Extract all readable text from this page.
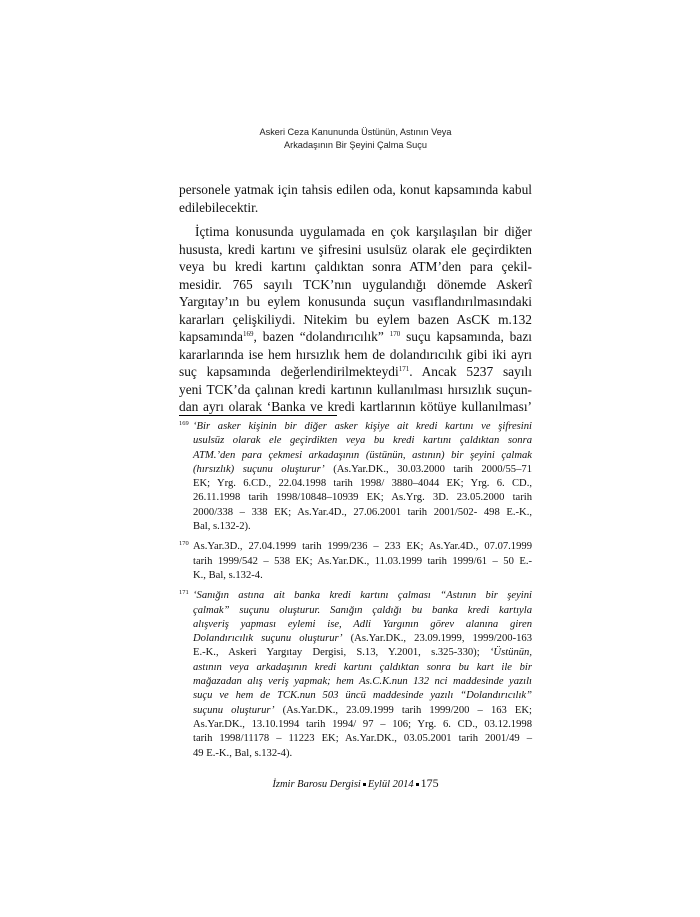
Askeri Ceza Kanununda Üstünün, Astının Veya
Arkadaşının Bir Şeyini Çalma Suçu
personele yatmak için tahsis edilen oda, konut kapsamında kabul
edilebilecektir.
İçtima konusunda uygulamada en çok karşılaşılan bir diğer
hususta, kredi kartını ve şifresini usulsüz olarak ele geçirdikten
veya bu kredi kartını çaldıktan sonra ATM’den para çekil-
mesidir. 765 sayılı TCK’nın uygulandığı dönemde Askerî
Yargıtay’ın bu eylem konusunda suçun vasıflandırılmasındaki
kararları çelişkiliydi. Nitekim bu eylem bazen AsCK m.132
kapsamında$^{169}$, bazen “dolandırıcılık” $^{170}$ suçu kapsamında, bazı
kararlarında ise hem hırsızlık hem de dolandırıcılık gibi iki ayrı
suç kapsamında değerlendirilmekteydi$^{171}$. Ancak 5237 sayılı
yeni TCK’da çalınan kredi kartının kullanılması hırsızlık suçun-
dan ayrı olarak ‘Banka ve kredi kartlarının kötüye kullanılması’
169 ‘Bir asker kişinin bir diğer asker kişiye ait kredi kartını ve şifresini
usulsüz olarak ele geçirdikten veya bu kredi kartını çaldıktan sonra
ATM.’den para çekmesi arkadaşının (üstünün, astının) bir şeyini çalmak
(hırsızlık) suçunu oluşturur’ (As.Yar.DK., 30.03.2000 tarih 2000/55–71
EK; Yrg. 6.CD., 22.04.1998 tarih 1998/ 3880–4044 EK; Yrg. 6. CD.,
26.11.1998 tarih 1998/10848–10939 EK; As.Yrg. 3D. 23.05.2000 tarih
2000/338 – 338 EK; As.Yar.4D., 27.06.2001 tarih 2001/502- 498 E.-K.,
Bal, s.132-2).
170 As.Yar.3D., 27.04.1999 tarih 1999/236 – 233 EK; As.Yar.4D., 07.07.1999
tarih 1999/542 – 538 EK; As.Yar.DK., 11.03.1999 tarih 1999/61 – 50 E.-
K., Bal, s.132-4.
171 ‘Sanığın astına ait banka kredi kartını çalması “Astının bir şeyini
çalmak” suçunu oluşturur. Sanığın çaldığı bu banka kredi kartıyla
alışveriş yapması eylemi ise, Adli Yargının görev alanına giren
Dolandırıcılık suçunu oluşturur’ (As.Yar.DK., 23.09.1999, 1999/200-163
E.-K., Askeri Yargıtay Dergisi, S.13, Y.2001, s.325-330); ‘Üstünün,
astının veya arkadaşının kredi kartını çaldıktan sonra bu kart ile bir
mağazadan alış veriş yapmak; hem As.C.K.nun 132 nci maddesinde yazılı
suçu ve hem de TCK.nun 503 üncü maddesinde yazılı “Dolandırıcılık”
suçunu oluşturur’ (As.Yar.DK., 23.09.1999 tarih 1999/200 – 163 EK;
As.Yar.DK., 13.10.1994 tarih 1994/ 97 – 106; Yrg. 6. CD., 03.12.1998
tarih 1998/11178 – 11223 EK; As.Yar.DK., 03.05.2001 tarih 2001/49 –
49 E.-K., Bal, s.132-4).
İzmir Barosu Dergisi Eylül 2014 175
